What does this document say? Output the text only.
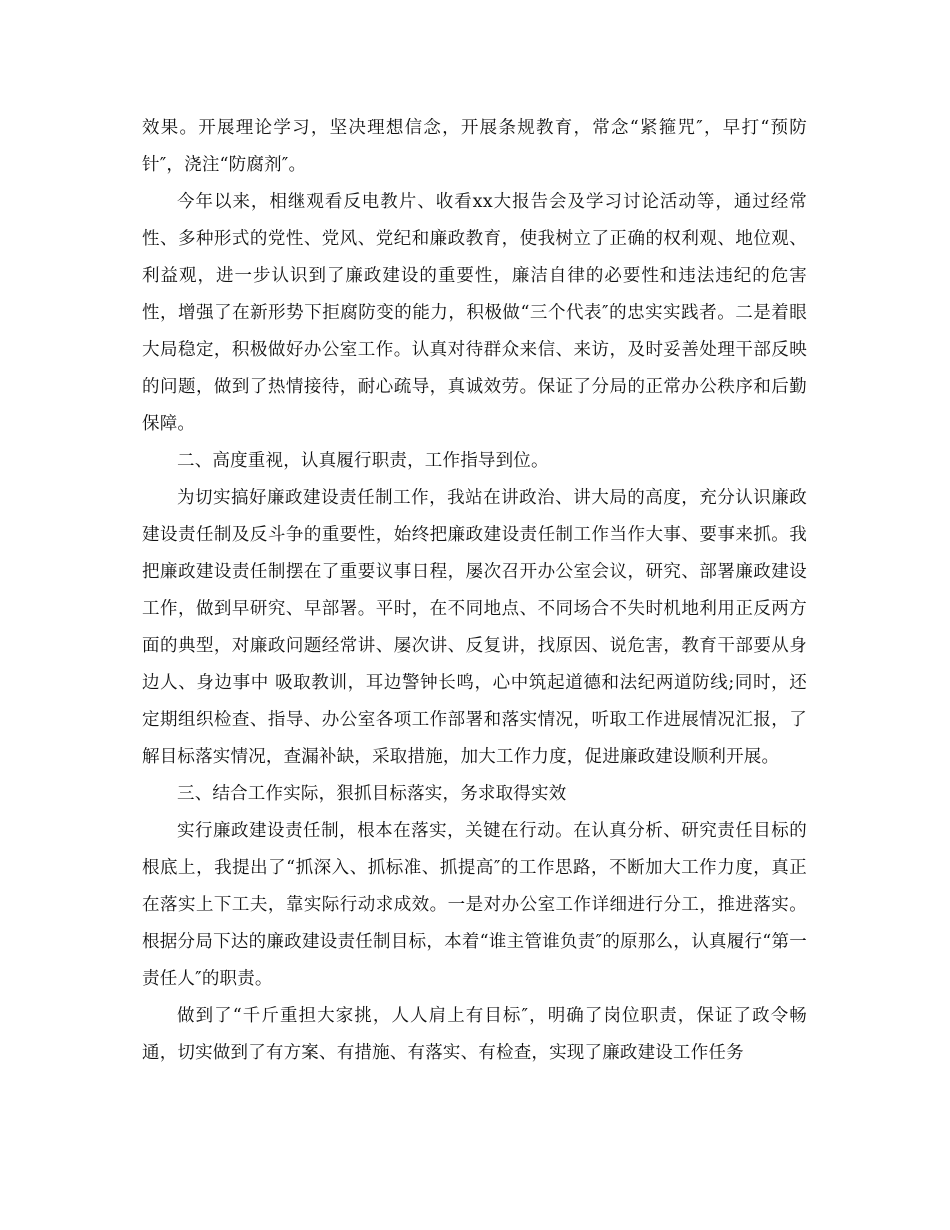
效果。开展理论学习，坚决理想信念，开展条规教育，常念“紧箍咒″，早打“预防针″，浇注“防腐剂″。

今年以来，相继观看反电教片、收看xx大报告会及学习讨论活动等，通过经常性、多种形式的党性、党风、党纪和廉政教育，使我树立了正确的权利观、地位观、利益观，进一步认识到了廉政建设的重要性，廉洁自律的必要性和违法违纪的危害性，增强了在新形势下拒腐防变的能力，积极做“三个代表″的忠实实践者。二是着眼大局稳定，积极做好办公室工作。认真对待群众来信、来访，及时妥善处理干部反映的问题，做到了热情接待，耐心疏导，真诚效劳。保证了分局的正常办公秩序和后勤保障。

二、高度重视，认真履行职责，工作指导到位。

为切实搞好廉政建设责任制工作，我站在讲政治、讲大局的高度，充分认识廉政建设责任制及反斗争的重要性，始终把廉政建设责任制工作当作大事、要事来抓。我把廉政建设责任制摆在了重要议事日程，屡次召开办公室会议，研究、部署廉政建设工作，做到早研究、早部署。平时，在不同地点、不同场合不失时机地利用正反两方面的典型，对廉政问题经常讲、屡次讲、反复讲，找原因、说危害，教育干部要从身边人、身边事中 吸取教训，耳边警钟长鸣，心中筑起道德和法纪两道防线;同时，还定期组织检查、指导、办公室各项工作部署和落实情况，听取工作进展情况汇报，了解目标落实情况，查漏补缺，采取措施，加大工作力度，促进廉政建设顺利开展。

三、结合工作实际，狠抓目标落实，务求取得实效

实行廉政建设责任制，根本在落实，关键在行动。在认真分析、研究责任目标的根底上，我提出了“抓深入、抓标准、抓提高″的工作思路，不断加大工作力度，真正在落实上下工夫，靠实际行动求成效。一是对办公室工作详细进行分工，推进落实。根据分局下达的廉政建设责任制目标，本着“谁主管谁负责″的原那么，认真履行“第一责任人″的职责。

做到了“千斤重担大家挑，人人肩上有目标″，明确了岗位职责，保证了政令畅通，切实做到了有方案、有措施、有落实、有检查，实现了廉政建设工作任务
